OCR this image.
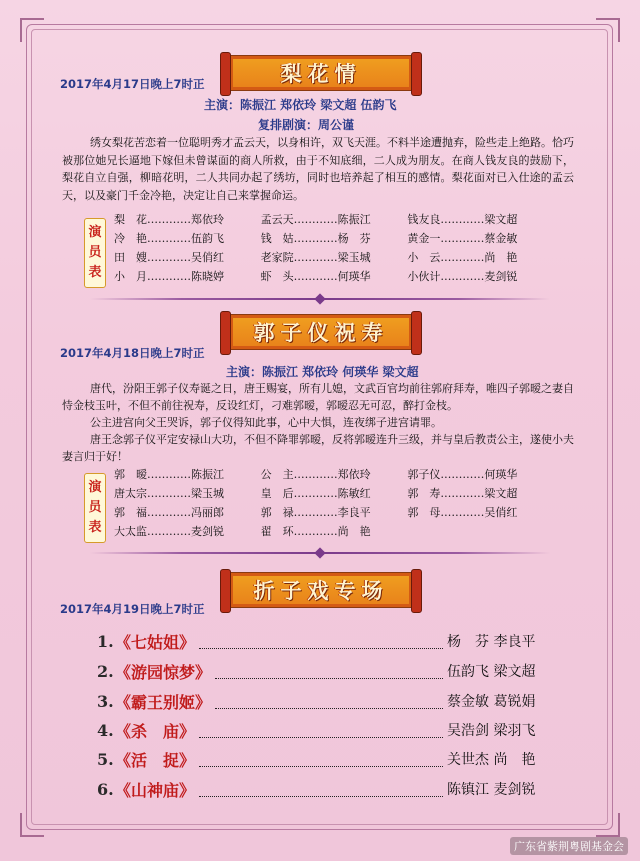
梨花情
2017年4月17日晚上7时正
主演：陈振江 郑依玲 梁文超 伍韵飞
复排剧演：周公谨

绣女梨花苦恋着一位聪明秀才孟云天，以身相许，双飞天涯。不料半途遭抛弃，险些走上绝路。恰巧被那位她兄长逼地下嫁但未曾谋面的商人所救，由于不知底细，二人成为朋友。在商人钱友良的鼓励下，梨花自立自强，柳暗花明，二人共同办起了绣坊，同时也培养起了相互的感情。梨花面对已入仕途的孟云天，以及豪门千金冷艳，决定让自己来掌握命运。

演员表
梨　花…………郑依玲	孟云天…………陈振江	钱友良…………梁文超
冷　艳…………伍韵飞	钱　姑…………杨　芬	黄金一…………蔡金敏
田　嫂…………吴俏红	老家院…………梁玉城	小　云…………尚　艳
小　月…………陈晓婷	虾　头…………何瑛华	小伙计…………麦剑锐
郭子仪祝寿
2017年4月18日晚上7时正
主演：陈振江 郑依玲 何瑛华 梁文超

唐代，汾阳王郭子仪寿诞之日，唐王赐宴，所有儿媳，文武百官均前往郭府拜寿，唯四子郭暧之妻自恃金枝玉叶，不但不前往祝寿，反设红灯，刁难郭暧，郭暧忍无可忍，醉打金枝。

公主进宫向父王哭诉，郭子仪得知此事，心中大惧，连夜绑子进宫请罪。

唐王念郭子仪平定安禄山大功，不但不降罪郭暧，反将郭暧连升三级，并与皇后教责公主，遂使小夫妻言归于好！

演员表
郭　暧…………陈振江	公　主…………郑依玲	郭子仪…………何瑛华
唐太宗…………梁玉城	皇　后…………陈敏红	郭　寿…………梁文超
郭　福…………冯丽郎	郭　禄…………李良平	郭　母…………吴俏红
大太监…………麦剑锐	翟　环…………尚　艳
折子戏专场
2017年4月19日晚上7时正
1. 《七姑姐》	杨　芬 李良平
2. 《游园惊梦》	伍韵飞 梁文超
3. 《霸王别姬》	蔡金敏 葛锐娟
4. 《杀　庙》	吴浩剑 梁羽飞
5. 《活　捉》	关世杰 尚　艳
6. 《山神庙》	陈镇江 麦剑锐
广东省紫荆粤剧基金会
